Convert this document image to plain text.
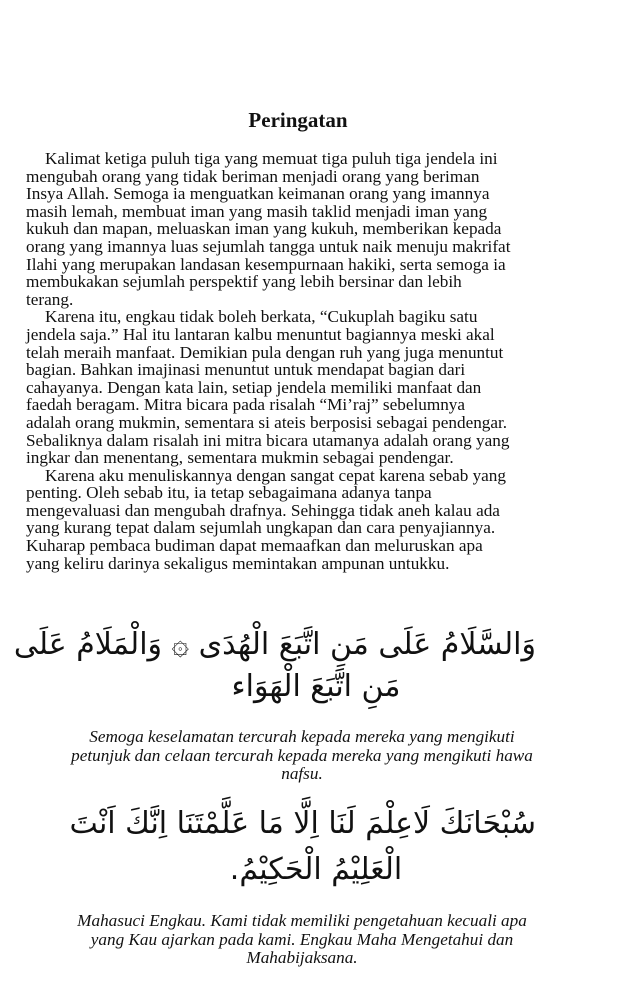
Peringatan
Kalimat ketiga puluh tiga yang memuat tiga puluh tiga jendela ini
mengubah orang yang tidak beriman menjadi orang yang beriman
Insya Allah. Semoga ia menguatkan keimanan orang yang imannya
masih lemah, membuat iman yang masih taklid menjadi iman yang
kukuh dan mapan, meluaskan iman yang kukuh, memberikan kepada
orang yang imannya luas sejumlah tangga untuk naik menuju makrifat
Ilahi yang merupakan landasan kesempurnaan hakiki, serta semoga ia
membukakan sejumlah perspektif yang lebih bersinar dan lebih
terang.
Karena itu, engkau tidak boleh berkata, “Cukuplah bagiku satu
jendela saja.” Hal itu lantaran kalbu menuntut bagiannya meski akal
telah meraih manfaat. Demikian pula dengan ruh yang juga menuntut
bagian. Bahkan imajinasi menuntut untuk mendapat bagian dari
cahayanya. Dengan kata lain, setiap jendela memiliki manfaat dan
faedah beragam. Mitra bicara pada risalah “Mi’raj” sebelumnya
adalah orang mukmin, sementara si ateis berposisi sebagai pendengar.
Sebaliknya dalam risalah ini mitra bicara utamanya adalah orang yang
ingkar dan menentang, sementara mukmin sebagai pendengar.
Karena aku menuliskannya dengan sangat cepat karena sebab yang
penting. Oleh sebab itu, ia tetap sebagaimana adanya tanpa
mengevaluasi dan mengubah drafnya. Sehingga tidak aneh kalau ada
yang kurang tepat dalam sejumlah ungkapan dan cara penyajiannya.
Kuharap pembaca budiman dapat memaafkan dan meluruskan apa
yang keliru darinya sekaligus memintakan ampunan untukku.
وَالسَّلَامُ عَلَى مَنِ اتَّبَعَ الْهُدَى ۞ وَالْمَلَامُ عَلَى
مَنِ اتَّبَعَ الْهَوَاء
Semoga keselamatan tercurah kepada mereka yang mengikuti
petunjuk dan celaan tercurah kepada mereka yang mengikuti hawa
nafsu.
سُبْحَانَكَ لَاعِلْمَ لَنَا اِلَّا مَا عَلَّمْتَنَا اِنَّكَ اَنْتَ
الْعَلِيْمُ الْحَكِيْمُ.
Mahasuci Engkau. Kami tidak memiliki pengetahuan kecuali apa
yang Kau ajarkan pada kami. Engkau Maha Mengetahui dan
Mahabijaksana.
